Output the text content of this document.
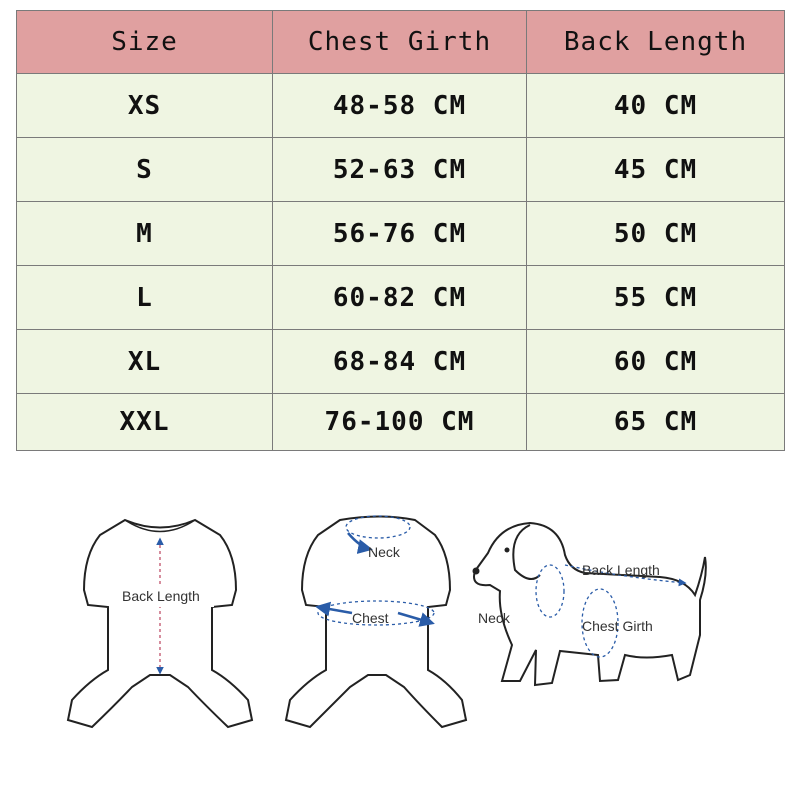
Size	Chest Girth	Back Length
XS	48-58 CM	40 CM
S	52-63 CM	45 CM
M	56-76 CM	50 CM
L	60-82 CM	55 CM
XL	68-84 CM	60 CM
XXL	76-100 CM	65 CM
Back Length
Neck
Chest
Back Length
Neck	Chest Girth
